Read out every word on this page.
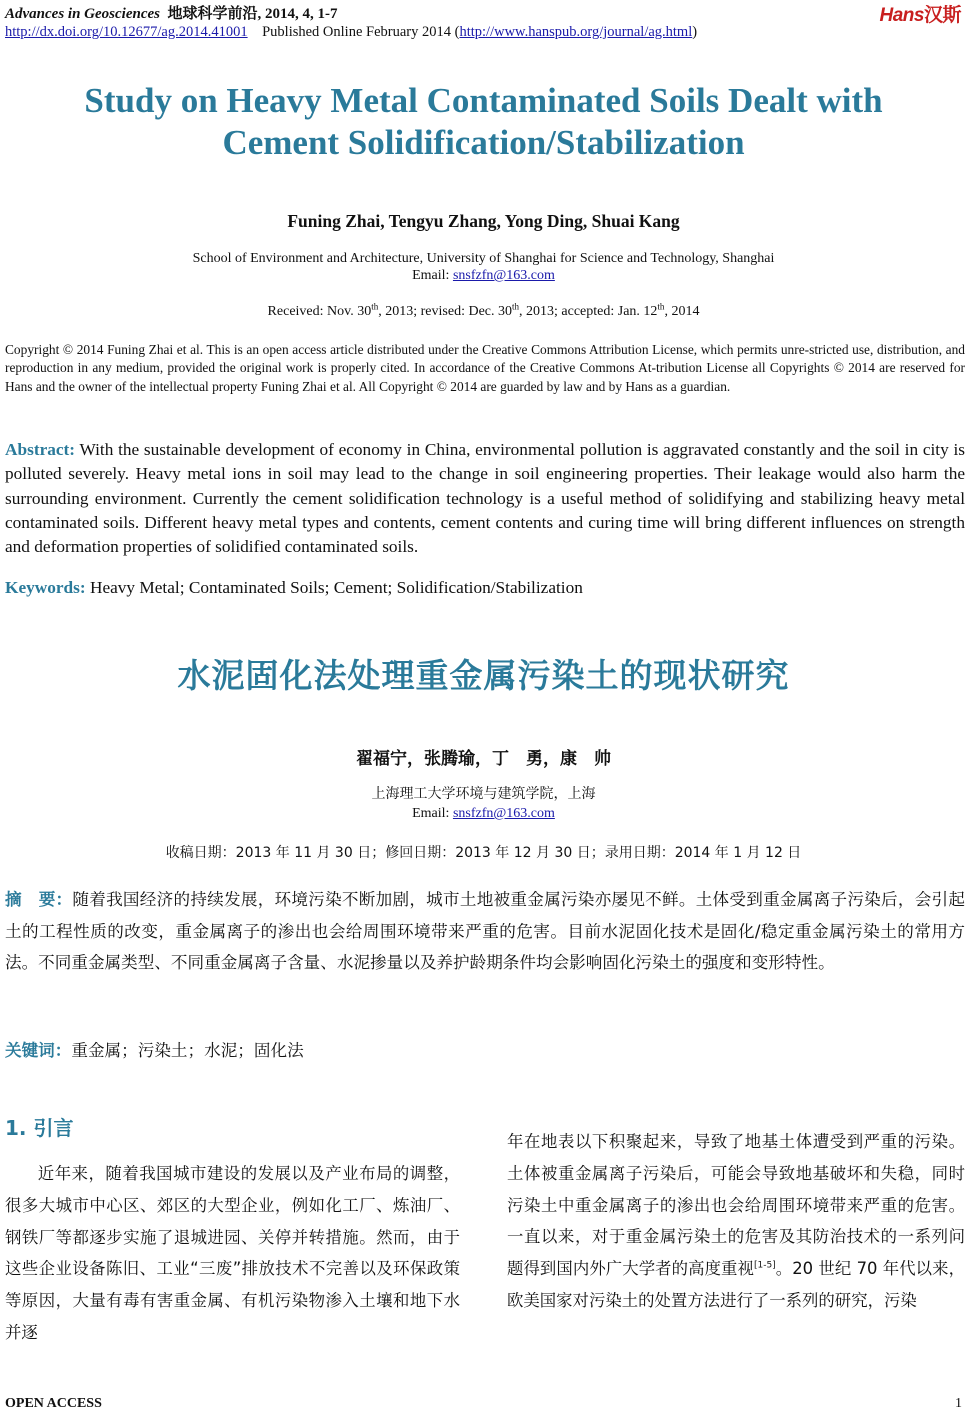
Advances in Geosciences 地球科学前沿, 2014, 4, 1-7	Hans汉斯
http://dx.doi.org/10.12677/ag.2014.41001 Published Online February 2014 (http://www.hanspub.org/journal/ag.html)
Study on Heavy Metal Contaminated Soils Dealt with
Cement Solidification/Stabilization
Funing Zhai, Tengyu Zhang, Yong Ding, Shuai Kang
School of Environment and Architecture, University of Shanghai for Science and Technology, Shanghai
Email: snsfzfn@163.com
Received: Nov. 30th, 2013; revised: Dec. 30th, 2013; accepted: Jan. 12th, 2014
Copyright © 2014 Funing Zhai et al. This is an open access article distributed under the Creative Commons Attribution License, which permits unre-stricted use, distribution, and reproduction in any medium, provided the original work is properly cited. In accordance of the Creative Commons At-tribution License all Copyrights © 2014 are reserved for Hans and the owner of the intellectual property Funing Zhai et al. All Copyright © 2014 are guarded by law and by Hans as a guardian.
Abstract: With the sustainable development of economy in China, environmental pollution is aggravated constantly and the soil in city is polluted severely. Heavy metal ions in soil may lead to the change in soil engineering properties. Their leakage would also harm the surrounding environment. Currently the cement solidification technology is a useful method of solidifying and stabilizing heavy metal contaminated soils. Different heavy metal types and contents, cement contents and curing time will bring different influences on strength and deformation properties of solidified contaminated soils.
Keywords: Heavy Metal; Contaminated Soils; Cement; Solidification/Stabilization
水泥固化法处理重金属污染土的现状研究
翟福宁，张腾瑜，丁　勇，康　帅
上海理工大学环境与建筑学院，上海
Email: snsfzfn@163.com
收稿日期：2013 年 11 月 30 日；修回日期：2013 年 12 月 30 日；录用日期：2014 年 1 月 12 日
摘　要：随着我国经济的持续发展，环境污染不断加剧，城市土地被重金属污染亦屡见不鲜。土体受到重金属离子污染后，会引起土的工程性质的改变，重金属离子的渗出也会给周围环境带来严重的危害。目前水泥固化技术是固化/稳定重金属污染土的常用方法。不同重金属类型、不同重金属离子含量、水泥掺量以及养护龄期条件均会影响固化污染土的强度和变形特性。
关键词：重金属；污染土；水泥；固化法
1. 引言
近年来，随着我国城市建设的发展以及产业布局的调整，很多大城市中心区、郊区的大型企业，例如化工厂、炼油厂、钢铁厂等都逐步实施了退城进园、关停并转措施。然而，由于这些企业设备陈旧、工业“三废”排放技术不完善以及环保政策等原因，大量有毒有害重金属、有机污染物渗入土壤和地下水并逐
年在地表以下积聚起来，导致了地基土体遭受到严重的污染。土体被重金属离子污染后，可能会导致地基破坏和失稳，同时污染土中重金属离子的渗出也会给周围环境带来严重的危害。一直以来，对于重金属污染土的危害及其防治技术的一系列问题得到国内外广大学者的高度重视[1-5]。20 世纪 70 年代以来，欧美国家对污染土的处置方法进行了一系列的研究，污染
OPEN ACCESS	1
